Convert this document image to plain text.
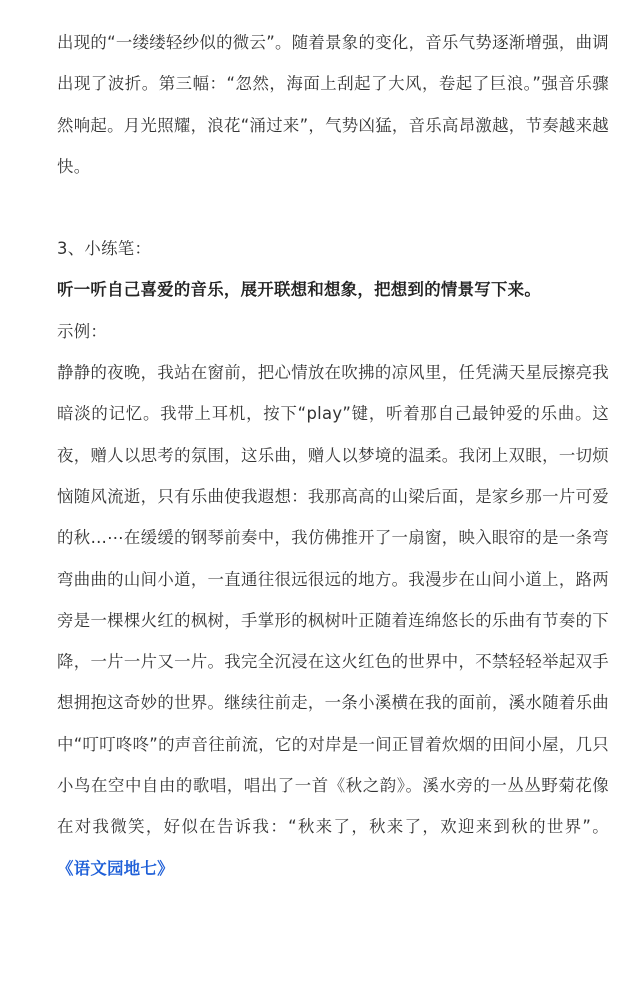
出现的“一缕缕轻纱似的微云”。随着景象的变化，音乐气势逐渐增强，曲调出现了波折。第三幅：“忽然，海面上刮起了大风，卷起了巨浪。”强音乐骤然响起。月光照耀，浪花“涌过来”，气势凶猛，音乐高昂激越，节奏越来越快。

3、小练笔：

听一听自己喜爱的音乐，展开联想和想象，把想到的情景写下来。

示例：

静静的夜晚，我站在窗前，把心情放在吹拂的凉风里，任凭满天星辰擦亮我暗淡的记忆。我带上耳机，按下“play”键，听着那自己最钟爱的乐曲。这夜，赠人以思考的氛围，这乐曲，赠人以梦境的温柔。我闭上双眼，一切烦恼随风流逝，只有乐曲使我遐想：我那高高的山梁后面，是家乡那一片可爱的秋…⋯在缓缓的钢琴前奏中，我仿佛推开了一扇窗，映入眼帘的是一条弯弯曲曲的山间小道，一直通往很远很远的地方。我漫步在山间小道上，路两旁是一棵棵火红的枫树，手掌形的枫树叶正随着连绵悠长的乐曲有节奏的下降，一片一片又一片。我完全沉浸在这火红色的世界中，不禁轻轻举起双手想拥抱这奇妙的世界。继续往前走，一条小溪横在我的面前，溪水随着乐曲中“叮叮咚咚”的声音往前流，它的对岸是一间正冒着炊烟的田间小屋，几只小鸟在空中自由的歌唱，唱出了一首《秋之韵》。溪水旁的一丛丛野菊花像在对我微笑，好似在告诉我：“秋来了，秋来了，欢迎来到秋的世界”。 《语文园地七》
